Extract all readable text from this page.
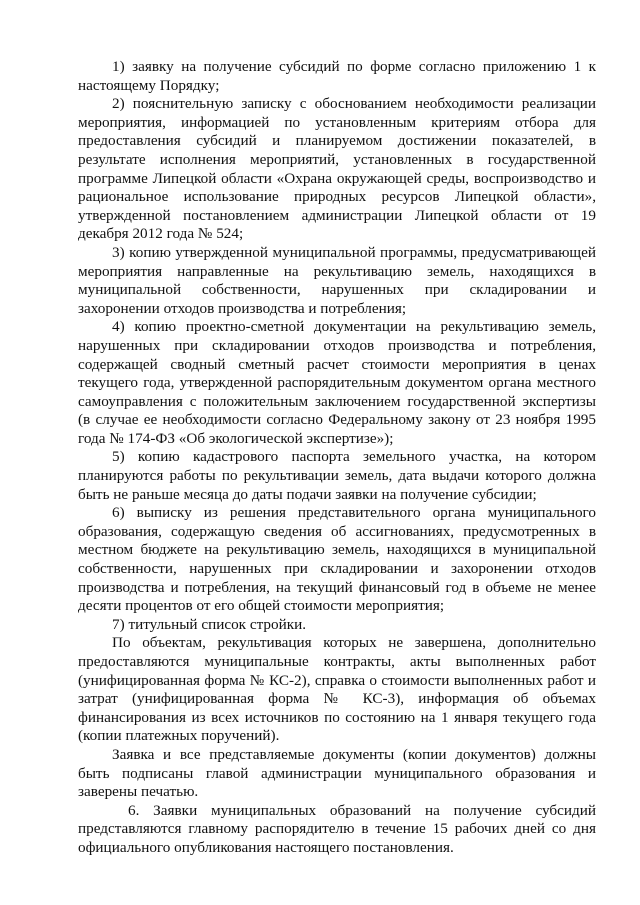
1) заявку на получение субсидий по форме согласно приложению 1 к настоящему Порядку;

2) пояснительную записку с обоснованием необходимости реализации мероприятия, информацией по установленным критериям отбора для предоставления субсидий и планируемом достижении показателей, в результате исполнения мероприятий, установленных в государственной программе Липецкой области «Охрана окружающей среды, воспроизводство и рациональное использование природных ресурсов Липецкой области», утвержденной постановлением администрации Липецкой области от 19 декабря 2012 года № 524;

3) копию утвержденной муниципальной программы, предусматривающей мероприятия направленные на рекультивацию земель, находящихся в муниципальной собственности, нарушенных при складировании и захоронении отходов производства и потребления;

4) копию проектно-сметной документации на рекультивацию земель, нарушенных при складировании отходов производства и потребления, содержащей сводный сметный расчет стоимости мероприятия в ценах текущего года, утвержденной распорядительным документом органа местного самоуправления с положительным заключением государственной экспертизы (в случае ее необходимости согласно Федеральному закону от 23 ноября 1995 года № 174-ФЗ «Об экологической экспертизе»);

5) копию кадастрового паспорта земельного участка, на котором планируются работы по рекультивации земель, дата выдачи которого должна быть не раньше месяца до даты подачи заявки на получение субсидии;

6) выписку из решения представительного органа муниципального образования, содержащую сведения об ассигнованиях, предусмотренных в местном бюджете на рекультивацию земель, находящихся в муниципальной собственности, нарушенных при складировании и захоронении отходов производства и потребления, на текущий финансовый год в объеме не менее десяти процентов от его общей стоимости мероприятия;

7) титульный список стройки.

По объектам, рекультивация которых не завершена, дополнительно предоставляются муниципальные контракты, акты выполненных работ (унифицированная форма № КС-2), справка о стоимости выполненных работ и затрат (унифицированная форма № КС-3), информация об объемах финансирования из всех источников по состоянию на 1 января текущего года (копии платежных поручений).

Заявка и все представляемые документы (копии документов) должны быть подписаны главой администрации муниципального образования и заверены печатью.

6. Заявки муниципальных образований на получение субсидий представляются главному распорядителю в течение 15 рабочих дней со дня официального опубликования настоящего постановления.
